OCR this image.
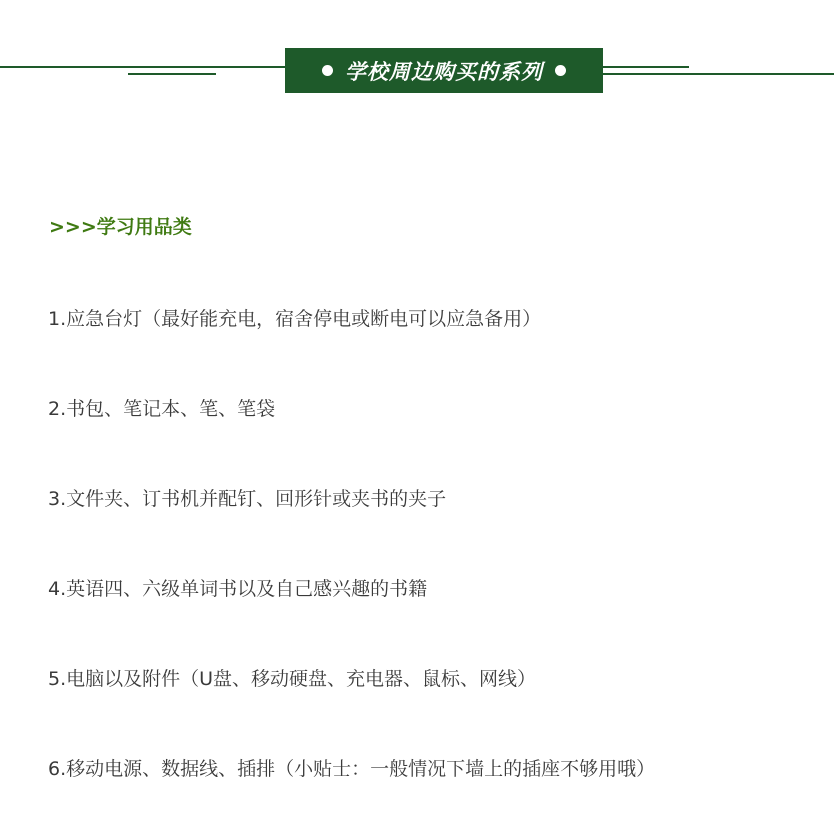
学校周边购买的系列
>>>学习用品类
1.应急台灯（最好能充电，宿舍停电或断电可以应急备用）
2.书包、笔记本、笔、笔袋
3.文件夹、订书机并配钉、回形针或夹书的夹子
4.英语四、六级单词书以及自己感兴趣的书籍
5.电脑以及附件（U盘、移动硬盘、充电器、鼠标、网线）
6.移动电源、数据线、插排（小贴士：一般情况下墙上的插座不够用哦）
